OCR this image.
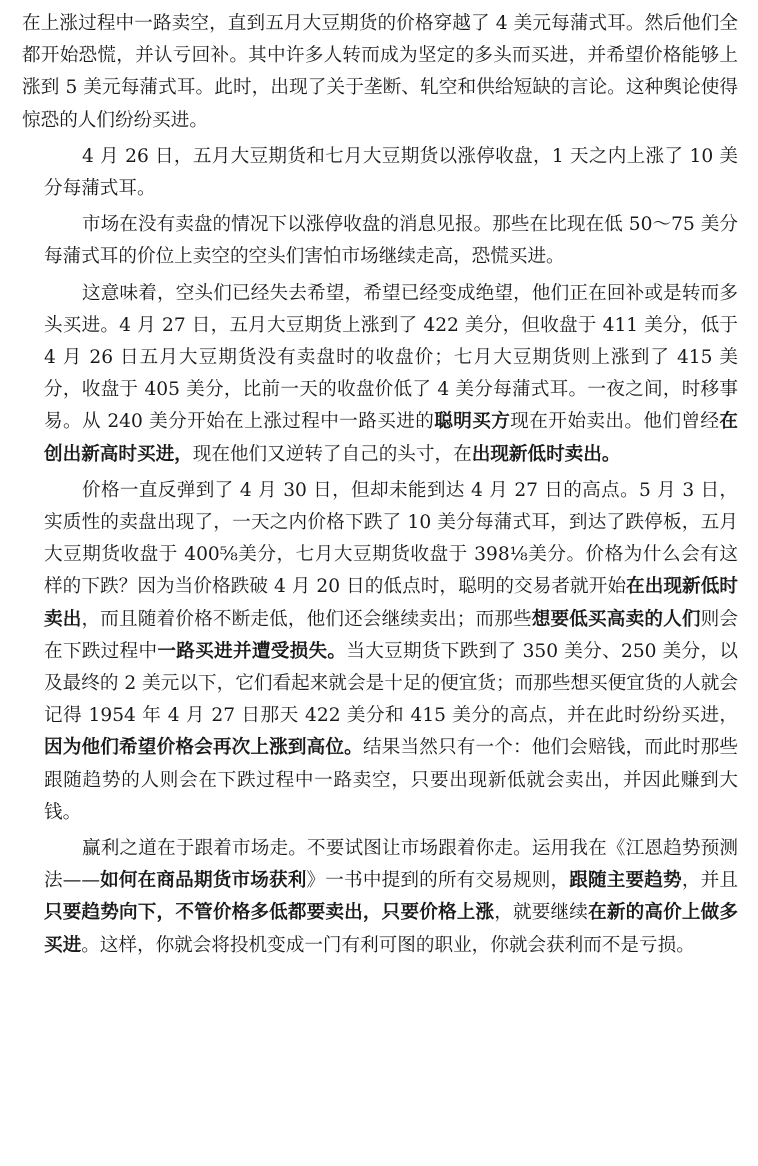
在上涨过程中一路卖空，直到五月大豆期货的价格穿越了 4 美元每蒲式耳。然后他们全都开始恐慌，并认亏回补。其中许多人转而成为坚定的多头而买进，并希望价格能够上涨到 5 美元每蒲式耳。此时，出现了关于垄断、轧空和供给短缺的言论。这种舆论使得惊恐的人们纷纷买进。

4 月 26 日，五月大豆期货和七月大豆期货以涨停收盘，1 天之内上涨了 10 美分每蒲式耳。

市场在没有卖盘的情况下以涨停收盘的消息见报。那些在比现在低 50～75 美分每蒲式耳的价位上卖空的空头们害怕市场继续走高，恐慌买进。

这意味着，空头们已经失去希望，希望已经变成绝望，他们正在回补或是转而多头买进。4 月 27 日，五月大豆期货上涨到了 422 美分，但收盘于 411 美分，低于 4 月 26 日五月大豆期货没有卖盘时的收盘价；七月大豆期货则上涨到了 415 美分，收盘于 405 美分，比前一天的收盘价低了 4 美分每蒲式耳。一夜之间，时移事易。从 240 美分开始在上涨过程中一路买进的聪明买方现在开始卖出。他们曾经在创出新高时买进，现在他们又逆转了自己的头寸，在出现新低时卖出。

价格一直反弹到了 4 月 30 日，但却未能到达 4 月 27 日的高点。5 月 3 日，实质性的卖盘出现了，一天之内价格下跌了 10 美分每蒲式耳，到达了跌停板，五月大豆期货收盘于 400⅝美分，七月大豆期货收盘于 398⅛美分。价格为什么会有这样的下跌？因为当价格跌破 4 月 20 日的低点时，聪明的交易者就开始在出现新低时卖出，而且随着价格不断走低，他们还会继续卖出；而那些想要低买高卖的人们则会在下跌过程中一路买进并遭受损失。当大豆期货下跌到了 350 美分、250 美分，以及最终的 2 美元以下，它们看起来就会是十足的便宜货；而那些想买便宜货的人就会记得 1954 年 4 月 27 日那天 422 美分和 415 美分的高点，并在此时纷纷买进，因为他们希望价格会再次上涨到高位。结果当然只有一个：他们会赔钱，而此时那些跟随趋势的人则会在下跌过程中一路卖空，只要出现新低就会卖出，并因此赚到大钱。

赢利之道在于跟着市场走。不要试图让市场跟着你走。运用我在《江恩趋势预测法——如何在商品期货市场获利》一书中提到的所有交易规则，跟随主要趋势，并且只要趋势向下，不管价格多低都要卖出，只要价格上涨，就要继续在新的高价上做多买进。这样，你就会将投机变成一门有利可图的职业，你就会获利而不是亏损。
